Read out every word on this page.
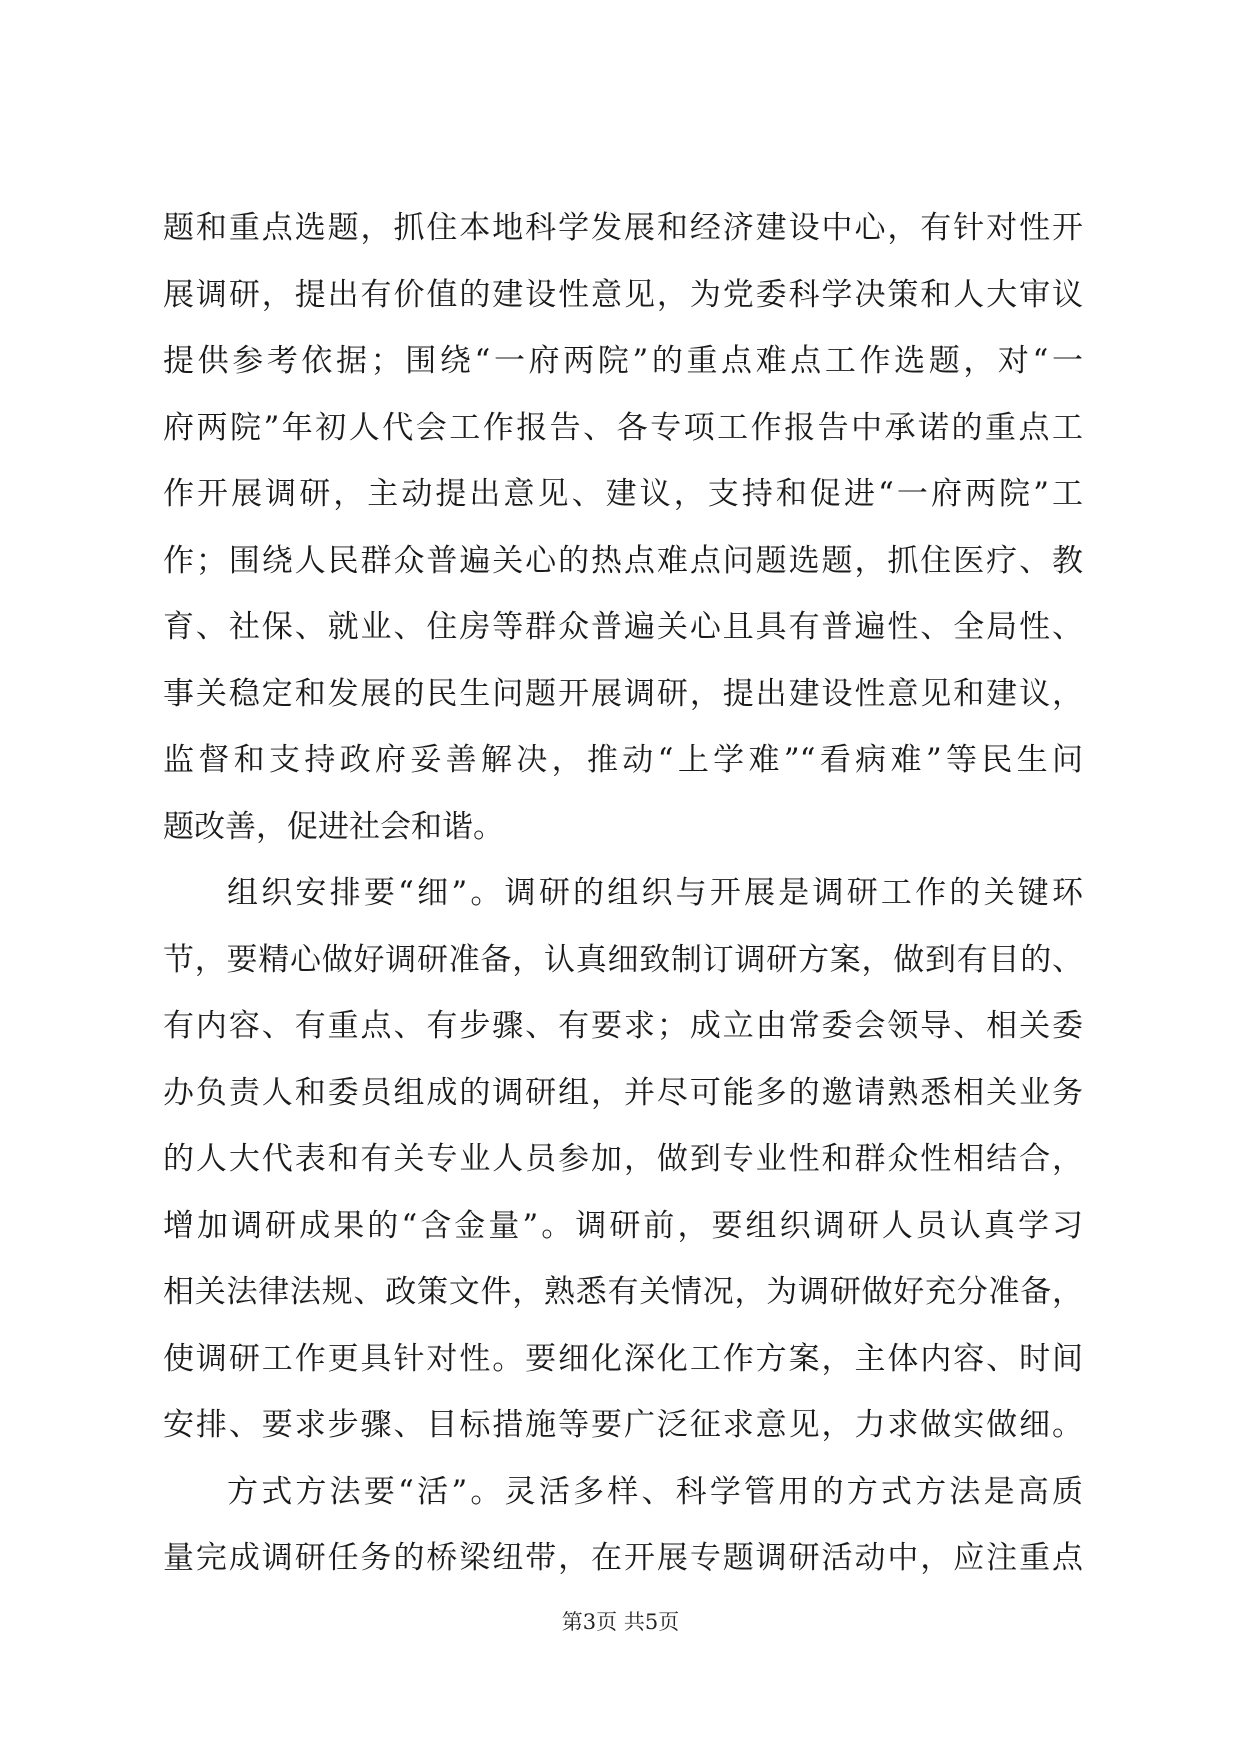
题和重点选题，抓住本地科学发展和经济建设中心，有针对性开
展调研，提出有价值的建设性意见，为党委科学决策和人大审议
提供参考依据；围绕“一府两院”的重点难点工作选题，对“一
府两院”年初人代会工作报告、各专项工作报告中承诺的重点工
作开展调研，主动提出意见、建议，支持和促进“一府两院”工
作；围绕人民群众普遍关心的热点难点问题选题，抓住医疗、教
育、社保、就业、住房等群众普遍关心且具有普遍性、全局性、
事关稳定和发展的民生问题开展调研，提出建设性意见和建议，
监督和支持政府妥善解决，推动“上学难”“看病难”等民生问
题改善，促进社会和谐。
组织安排要“细”。调研的组织与开展是调研工作的关键环
节，要精心做好调研准备，认真细致制订调研方案，做到有目的、
有内容、有重点、有步骤、有要求；成立由常委会领导、相关委
办负责人和委员组成的调研组，并尽可能多的邀请熟悉相关业务
的人大代表和有关专业人员参加，做到专业性和群众性相结合，
增加调研成果的“含金量”。调研前，要组织调研人员认真学习
相关法律法规、政策文件，熟悉有关情况，为调研做好充分准备，
使调研工作更具针对性。要细化深化工作方案，主体内容、时间
安排、要求步骤、目标措施等要广泛征求意见，力求做实做细。
方式方法要“活”。灵活多样、科学管用的方式方法是高质
量完成调研任务的桥梁纽带，在开展专题调研活动中，应注重点
第3页 共5页
